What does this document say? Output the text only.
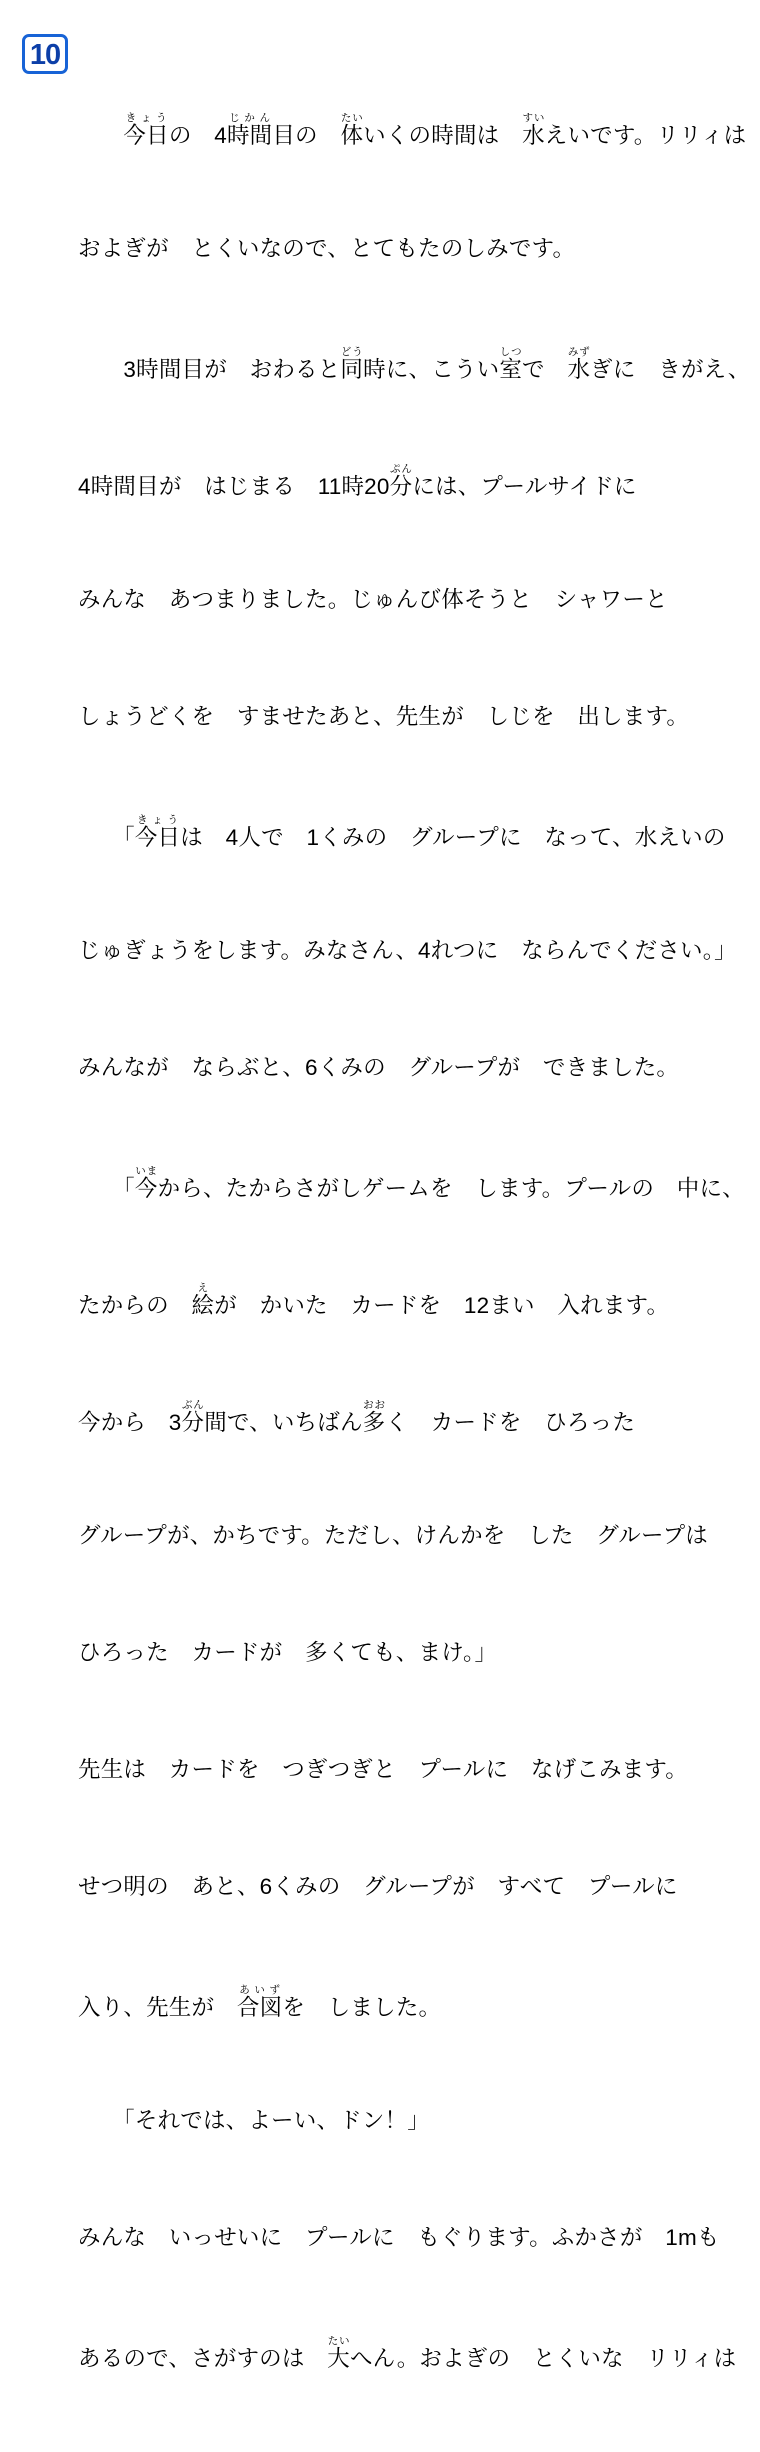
10

　　今日きょうの　4時間じかん目の　体たいいくの時間は　水すいえいです。リリィは

およぎが　とくいなので、とてもたのしみです。

　　3時間目が　おわると同どう時に、こうい室しつで　水みずぎに　きがえ、

4時間目が　はじまる　11時20分ぷんには、プールサイドに

みんな　あつまりました。じゅんび体そうと　シャワーと

しょうどくを　すませたあと、先生が　しじを　出します。

　　「今日きょうは　4人で　1くみの　グループに　なって、水えいの

じゅぎょうをします。みなさん、4れつに　ならんでください。」

みんなが　ならぶと、6くみの　グループが　できました。

　　「今いまから、たからさがしゲームを　します。プールの　中に、

たからの　絵えが　かいた　カードを　12まい　入れます。

今から　3分ぶん間で、いちばん多おおく　カードを　ひろった

グループが、かちです。ただし、けんかを　した　グループは

ひろった　カードが　多くても、まけ。」

先生は　カードを　つぎつぎと　プールに　なげこみます。

せつ明の　あと、6くみの　グループが　すべて　プールに

入り、先生が　合図あいずを　しました。

　　「それでは、よーい、ドン！」

みんな　いっせいに　プールに　もぐります。ふかさが　1mも

あるので、さがすのは　大たいへん。およぎの　とくいな　リリィは
